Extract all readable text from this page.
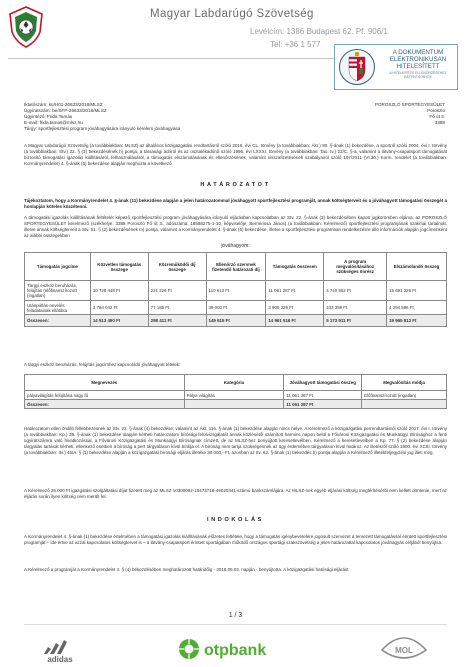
Magyar Labdarúgó Szövetség
Levélcím: 1386 Budapest 62. Pf. 906/1
Tel: +36 1 577
A DOKUMENTUM
ELEKTRONIKUSAN
HITELESÍTETT
A HITELESÍTÉS ELLENŐRZÉSÉHEZ
KATTINTSON IDE
Iktatószám: kü/H01-26633/2018/MLSZ
Ügyiratszám: be/SFP-26633/2018/MLSZ
Ügyintéző: Frida Tamás
E-mail: frida.tamas@mlsz.hu
Tárgy: sportfejlesztési program jóváhagyására irányuló kérelem jóváhagyása
POROSZLÓ SPORTEGYESÜLET
Poroszló
Fő út 3.
3388
A Magyar Labdarúgó Szövetség (a továbbiakban: MLSZ) az általános közigazgatási rendtartásról szóló 2016. évi CL. törvény (a továbbiakban: Ákr.) 80. §-ának (1) bekezdése, a sportról szóló 2004. évi I. törvény (a továbbiakban: Stv.) 22. § (3) bekezdésének h) pontja, a társasági adóról és az osztalékadóról szóló 1996. évi LXXXI. törvény (a továbbiakban: Tao. tv.) 22/C. §-a, valamint a látvány-csapatsport támogatását biztosító támogatási igazolás kiállításáról, felhasználásáról, a támogatás elszámolásának és ellenőrzésének, valamint visszafizetésének szabályairól szóló 107/2011 (VI.30.) Korm. rendelet (a továbbiakban: Kormányrendelet) 4. §-ának (5) bekezdése alapján meghozta a következő
HATÁROZATOT
Tájékoztatom, hogy a Kormányrendelet 4. §-ának (11) bekezdése alapján a jelen határozatommal jóváhagyott sportfejlesztési programját, annak költségterveit és a jóváhagyott támogatási összegét a honlapján köteles közzétenni.
A támogatási igazolás kiállításának feltételét képező sportfejlesztési program jóváhagyására irányuló eljárásban kapcsolatban az Stv. 22. §-ának (3) bekezdésében kapott jogkörömben eljárva, az POROSZLÓ SPORTEGYESÜLET kérelmező (székhelye: 3388 Poroszló Fő út 3., adószáma: 18588275-1-10, képviselője: Bernerissa János) (a továbbiakban: Kérelmező) sportfejlesztési programjának szakmai tartalmát, illetve annak költségterveit a Stv. 51. § (2) bekezdésének m) pontja, valamint a Kormányrendelet 4. §-ának (5) bekezdése, illetve a sportfejlesztési programban rendelkezésre álló információk alapján jogcímenként az alábbi összegekben
jóváhagyom:
Támogatás jogcíme	Közvetlen támogatás összege	Közreműködői díj összege	Ellenőrző szervnek fizetendő határozati díj	Támogatás összesen	A program megvalósításához szükséges önrész	Elszámolandó összeg
Tárgyi eszköz beruházás, felújítás (előfinanszírozott (ingatlan)	10 729 448 Ft	221 226 Ft	110 613 Ft	11 061 287 Ft	4 740 552 Ft	15 691 226 Ft
Utánpótlás-nevelés feladatainak ellátása	3 784 042 Ft	77 185 Ft	39 002 Ft	3 900 229 Ft	433 359 Ft	4 294 586 Ft
Összesen:	14 513 490 Ft	298 411 Ft	149 615 Ft	14 961 516 Ft	5 173 911 Ft	19 965 812 Ft
A tárgyi eszköz beruházás, felújítás jogcímhez kapcsolódó jóváhagyott tételek:
Megnevezés	Kategória	Jóváhagyott támogatási összeg	Megvalósítás módja
pályavilágítás felújítása nagy fű	Pálya világítás	11 061 287 Ft	Előfinanszírozott (ingatlan)
Összesen:		11 061 287 Ft	
Határozatom ellen önálló fellebbezésnek az Stv. 22. §-ának (4) bekezdése, valamint az Ákr. 116. §-ának (1) bekezdése alapján nincs helye. A Kérelmező a közigazgatási perrendtartásról szóló 2017. évi I. törvény (a továbbiakban: Kp.) 39. §-ának (1) bekezdése alapján kérheti határozatom bírósági felülvizsgálatát annak közlésétől számított harminc napon belül a Fővárosi Közigazgatási és Munkaügyi Bírósághoz a fenti ügyiratszámra való hivatkozással, a Fővárosi Közigazgatási és Munkaügyi Bíróságnak címzett, de az MLSZ-hez benyújtott keresetlevélben. Kérelmező a keresetlevélben a Kp. 77. § (2) bekezdése alapján tárgyalás tartását kérheti, ellenkező esetben a bíróság a pert tárgyaláson kívül bírálja el. A bíróság nem tartja szükségesnek az ügy érdemében tárgyaláson kívül határoz. Az illetékről szóló 1990. évi XCIII. törvény (a továbbiakban: Itv.) 45/A. § (1) bekezdése alapján a közigazgatási bírósági eljárás illetéke 30.000,- Ft, azonban az Itv. 62. §-ának (1) bekezdés h) pontja alapján a Kérelmező illetékfeljegyzési jog illeti meg.
A Kérelmező 25.000 Ft igazgatási szolgáltatási díjat fizetett meg az MLSZ 10300002-10473718-49020341 számú bankszámlájára. Az MLSZ-nek egyéb eljárási költség megtérítésérõl nem kellett döntenie, mert az eljárás során ilyen költség nem merült fel.
INDOKOLÁS
A Kormányrendelet 4. §-ának (1) bekezdése értelmében a támogatási igazolás kiállításának előzetes feltétele, hogy a támogatás igénybevételére jogosult szervezet a tervezett támogatással érintett sportfejlesztési programját – ide értve az azzal kapcsolatos költségtervet is – a látvány-csapatsport érintett sportágában működő országos sportági szakszövetség a jelen határozattal kapcsolatos jóváhagyás céljából benyújtsa.
A Kérelmező a programját a Kormányrendelet 4. § (4) bekezdésében meghatározott határidőig - 2018.05.02. napján - benyújtotta. A közigazgatási hatósági eljárást
1 / 3
adidas
otpbank	MOL
